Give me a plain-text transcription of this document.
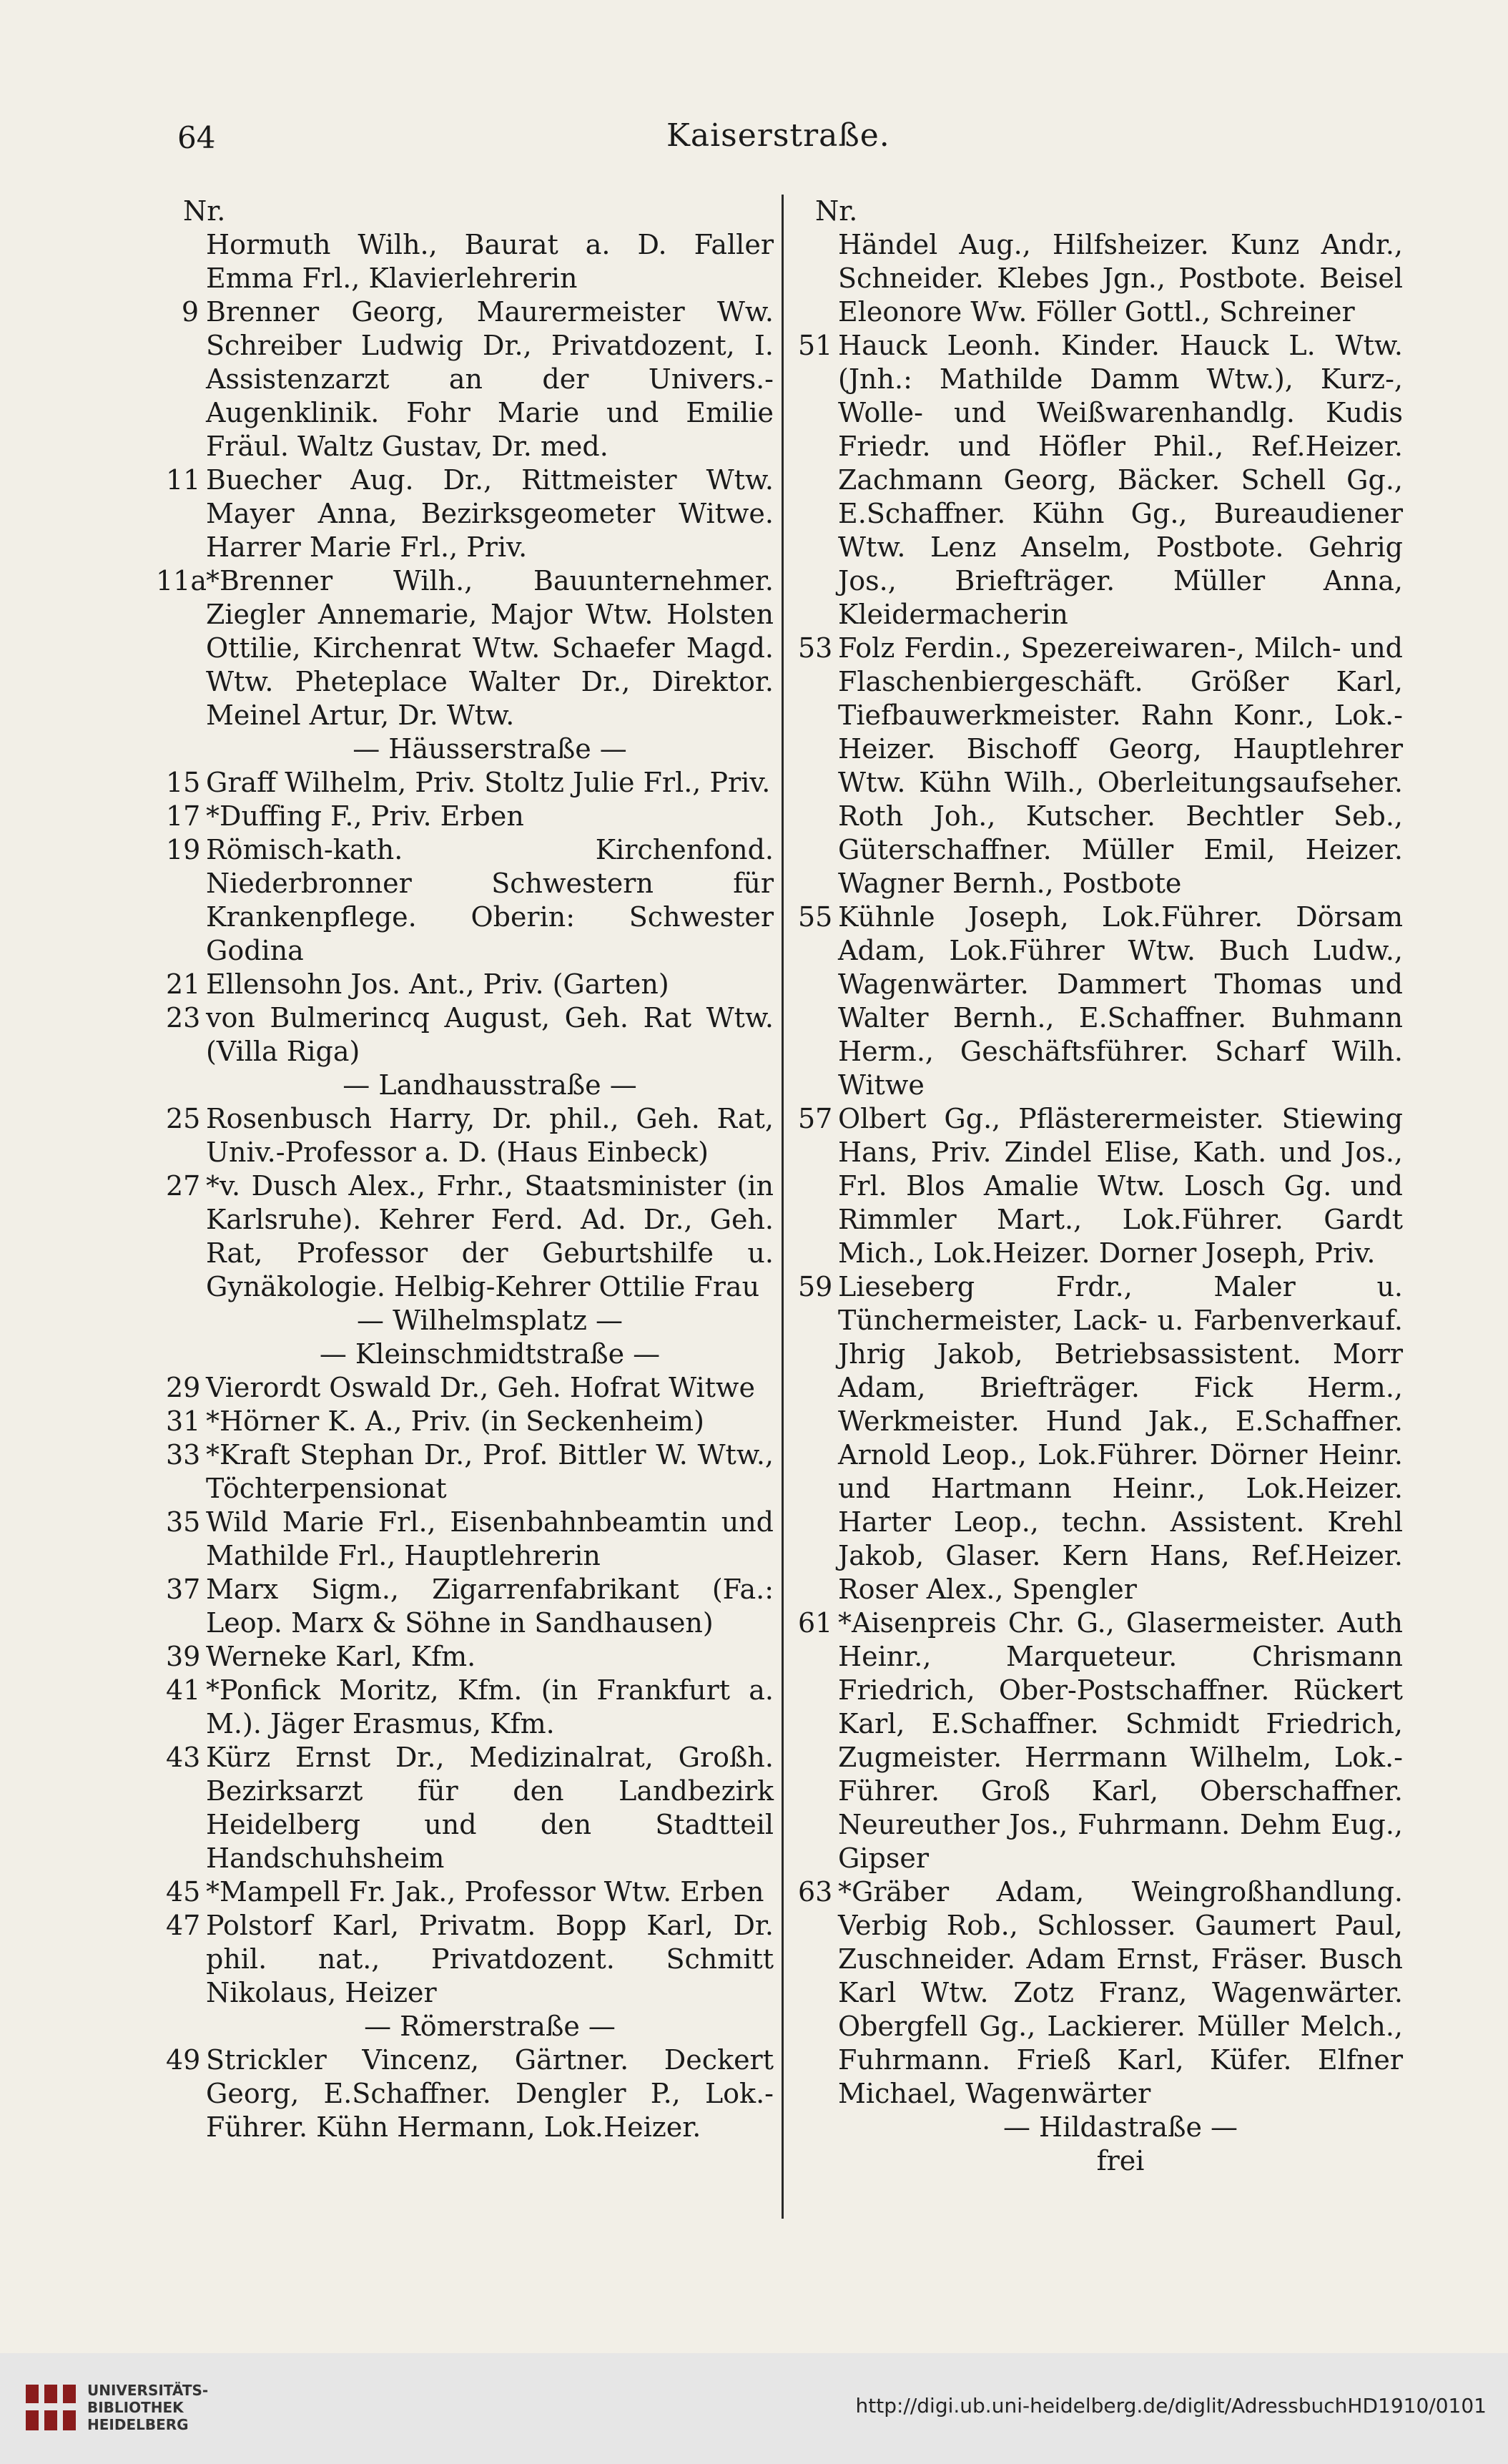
64	Kaiserstraße.
Nr.
Hormuth Wilh., Baurat a. D. Faller Emma Frl., Klavierlehrerin
9 Brenner Georg, Maurermeister Ww. Schreiber Ludwig Dr., Privatdozent, I. Assistenzarzt an der Univers.-Augenklinik. Fohr Marie und Emilie Fräul. Waltz Gustav, Dr. med.
11 Buecher Aug. Dr., Rittmeister Wtw. Mayer Anna, Bezirksgeometer Witwe. Harrer Marie Frl., Priv.
11a
*Brenner Wilh., Bauunternehmer. Ziegler Annemarie, Major Wtw. Holsten Ottilie, Kirchenrat Wtw. Schaefer Magd. Wtw. Pheteplace Walter Dr., Direktor. Meinel Artur, Dr. Wtw.
— Häusserstraße —
15 Graff Wilhelm, Priv. Stoltz Julie Frl., Priv.
17 *Duffing F., Priv. Erben
19 Römisch-kath. Kirchenfond. Niederbronner Schwestern für Krankenpflege. Oberin: Schwester Godina
21 Ellensohn Jos. Ant., Priv. (Garten)
23 von Bulmerincq August, Geh. Rat Wtw. (Villa Riga)
— Landhausstraße —
25 Rosenbusch Harry, Dr. phil., Geh. Rat, Univ.-Professor a. D. (Haus Einbeck)
27 *v. Dusch Alex., Frhr., Staatsminister (in Karlsruhe). Kehrer Ferd. Ad. Dr., Geh. Rat, Professor der Geburtshilfe u. Gynäkologie. Helbig-Kehrer Ottilie Frau
— Wilhelmsplatz —
— Kleinschmidtstraße —
29 Vierordt Oswald Dr., Geh. Hofrat Witwe
31 *Hörner K. A., Priv. (in Seckenheim)
33 *Kraft Stephan Dr., Prof. Bittler W. Wtw., Töchterpensionat
35 Wild Marie Frl., Eisenbahnbeamtin und Mathilde Frl., Hauptlehrerin
37 Marx Sigm., Zigarrenfabrikant (Fa.: Leop. Marx & Söhne in Sandhausen)
39 Werneke Karl, Kfm.
41 *Ponfick Moritz, Kfm. (in Frankfurt a. M.). Jäger Erasmus, Kfm.
43 Kürz Ernst Dr., Medizinalrat, Großh. Bezirksarzt für den Landbezirk Heidelberg und den Stadtteil Handschuhsheim
45 *Mampell Fr. Jak., Professor Wtw. Erben
47 Polstorf Karl, Privatm. Bopp Karl, Dr. phil. nat., Privatdozent. Schmitt Nikolaus, Heizer
— Römerstraße —
49 Strickler Vincenz, Gärtner. Deckert Georg, E.Schaffner. Dengler P., Lok.-Führer. Kühn Hermann, Lok.Heizer.
Nr.
Händel Aug., Hilfsheizer. Kunz Andr., Schneider. Klebes Jgn., Postbote. Beisel Eleonore Ww. Föller Gottl., Schreiner
51 Hauck Leonh. Kinder. Hauck L. Wtw. (Jnh.: Mathilde Damm Wtw.), Kurz-, Wolle- und Weißwarenhandlg. Kudis Friedr. und Höfler Phil., Ref.Heizer. Zachmann Georg, Bäcker. Schell Gg., E.Schaffner. Kühn Gg., Bureaudiener Wtw. Lenz Anselm, Postbote. Gehrig Jos., Briefträger. Müller Anna, Kleidermacherin
53 Folz Ferdin., Spezereiwaren-, Milch- und Flaschenbiergeschäft. Größer Karl, Tiefbauwerkmeister. Rahn Konr., Lok.-Heizer. Bischoff Georg, Hauptlehrer Wtw. Kühn Wilh., Oberleitungsaufseher. Roth Joh., Kutscher. Bechtler Seb., Güterschaffner. Müller Emil, Heizer. Wagner Bernh., Postbote
55 Kühnle Joseph, Lok.Führer. Dörsam Adam, Lok.Führer Wtw. Buch Ludw., Wagenwärter. Dammert Thomas und Walter Bernh., E.Schaffner. Buhmann Herm., Geschäftsführer. Scharf Wilh. Witwe
57 Olbert Gg., Pflästerermeister. Stiewing Hans, Priv. Zindel Elise, Kath. und Jos., Frl. Blos Amalie Wtw. Losch Gg. und Rimmler Mart., Lok.Führer. Gardt Mich., Lok.Heizer. Dorner Joseph, Priv.
59 Lieseberg Frdr., Maler u. Tünchermeister, Lack- u. Farbenverkauf. Jhrig Jakob, Betriebsassistent. Morr Adam, Briefträger. Fick Herm., Werkmeister. Hund Jak., E.Schaffner. Arnold Leop., Lok.Führer. Dörner Heinr. und Hartmann Heinr., Lok.Heizer. Harter Leop., techn. Assistent. Krehl Jakob, Glaser. Kern Hans, Ref.Heizer. Roser Alex., Spengler
61 *Aisenpreis Chr. G., Glasermeister. Auth Heinr., Marqueteur. Chrismann Friedrich, Ober-Postschaffner. Rückert Karl, E.Schaffner. Schmidt Friedrich, Zugmeister. Herrmann Wilhelm, Lok.-Führer. Groß Karl, Oberschaffner. Neureuther Jos., Fuhrmann. Dehm Eug., Gipser
63 *Gräber Adam, Weingroßhandlung. Verbig Rob., Schlosser. Gaumert Paul, Zuschneider. Adam Ernst, Fräser. Busch Karl Wtw. Zotz Franz, Wagenwärter. Obergfell Gg., Lackierer. Müller Melch., Fuhrmann. Frieß Karl, Küfer. Elfner Michael, Wagenwärter
— Hildastraße —
frei
UNIVERSITÄTS-
BIBLIOTHEK
HEIDELBERG
http://digi.ub.uni-heidelberg.de/diglit/AdressbuchHD1910/0101
